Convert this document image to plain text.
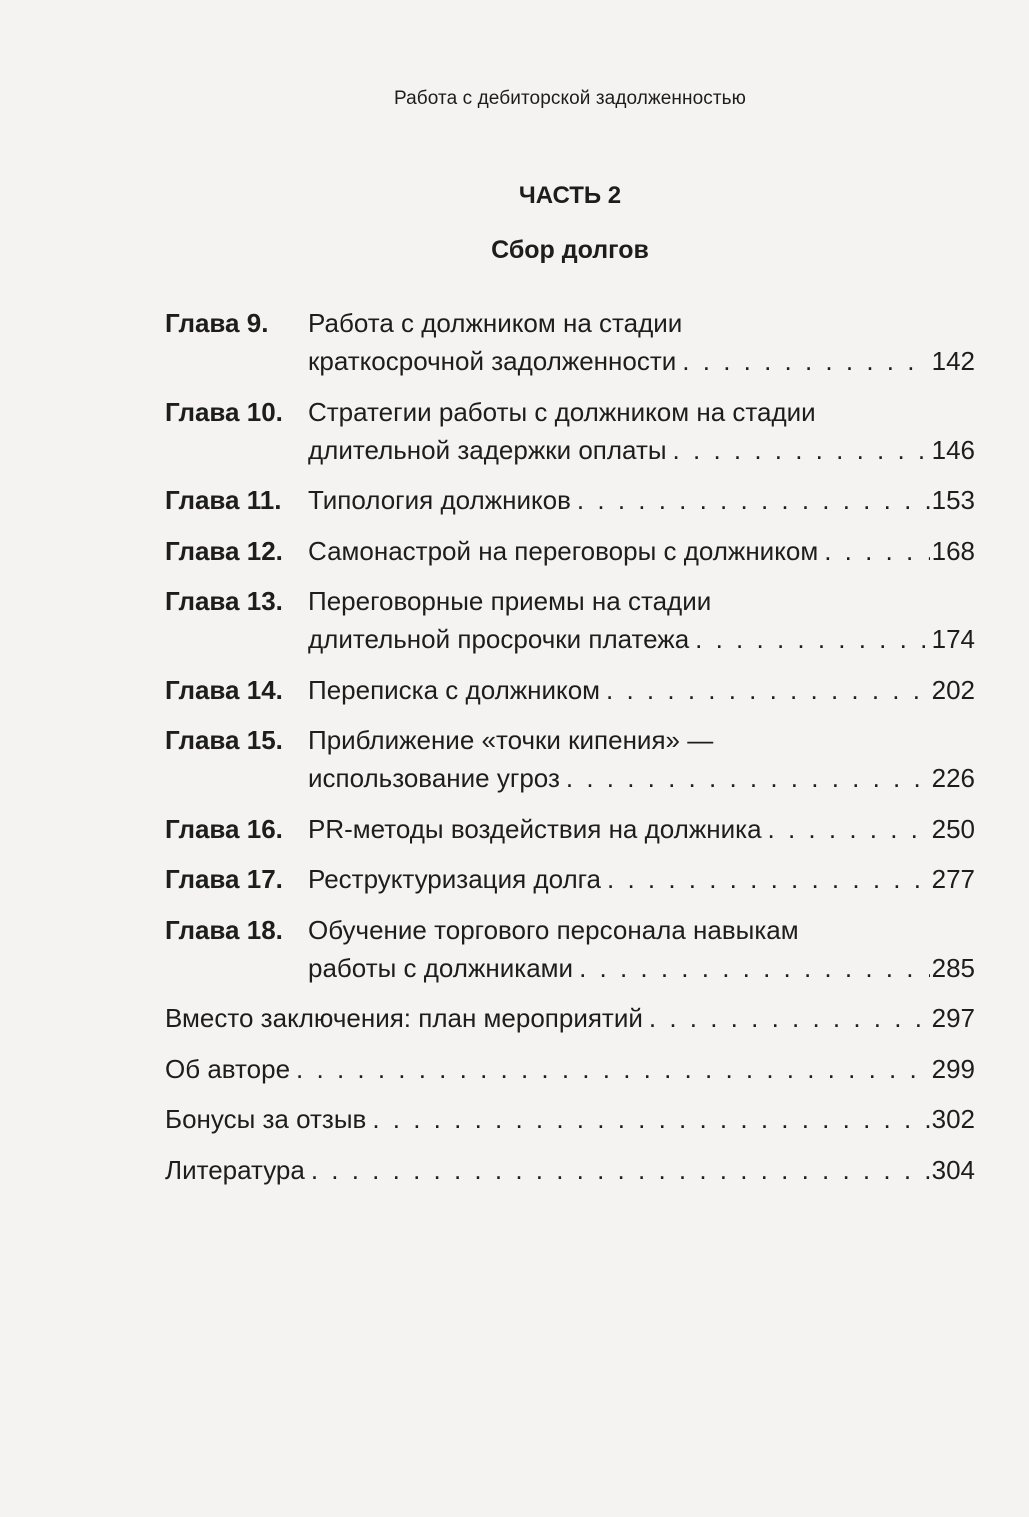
Работа с дебиторской задолженностью
ЧАСТЬ 2
Сбор долгов
Глава 9.	Работа с должником на стадии
краткосрочной задолженности . . .	142
Глава 10. Стратегии работы с должником на стадии
длительной задержки оплаты . . .	146
Глава 11.	Типология должников . . .	153
Глава 12. Самонастрой на переговоры с должником . . .	168
Глава 13. Переговорные приемы на стадии
длительной просрочки платежа . . .	174
Глава 14. Переписка с должником . . .	202
Глава 15. Приближение «точки кипения» —
использование угроз . . .	226
Глава 16. PR-методы воздействия на должника . . .	250
Глава 17. Реструктуризация долга . . .	277
Глава 18. Обучение торгового персонала навыкам
работы с должниками . . .	285
Вместо заключения: план мероприятий . . .	297
Об авторе . . .	299
Бонусы за отзыв . . .	302
Литература . . .	304
